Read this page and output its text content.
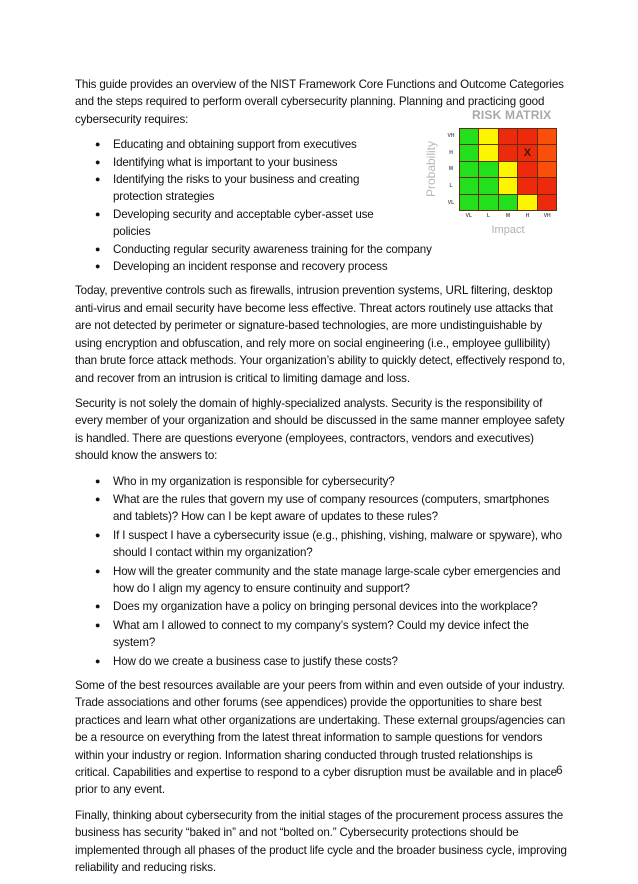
This guide provides an overview of the NIST Framework Core Functions and Outcome Categories and the steps required to perform overall cybersecurity planning. Planning and practicing good cybersecurity requires:

● Educating and obtaining support from executives
● Identifying what is important to your business
● Identifying the risks to your business and creating protection strategies
● Developing security and acceptable cyber-asset use policies
● Conducting regular security awareness training for the company
● Developing an incident response and recovery process

Today, preventive controls such as firewalls, intrusion prevention systems, URL filtering, desktop anti-virus and email security have become less effective. Threat actors routinely use attacks that are not detected by perimeter or signature-based technologies, are more undistinguishable by using encryption and obfuscation, and rely more on social engineering (i.e., employee gullibility) than brute force attack methods. Your organization’s ability to quickly detect, effectively respond to, and recover from an intrusion is critical to limiting damage and loss.

Security is not solely the domain of highly-specialized analysts. Security is the responsibility of every member of your organization and should be discussed in the same manner employee safety is handled. There are questions everyone (employees, contractors, vendors and executives) should know the answers to:

● Who in my organization is responsible for cybersecurity?
● What are the rules that govern my use of company resources (computers, smartphones and tablets)? How can I be kept aware of updates to these rules?
● If I suspect I have a cybersecurity issue (e.g., phishing, vishing, malware or spyware), who should I contact within my organization?
● How will the greater community and the state manage large-scale cyber emergencies and how do I align my agency to ensure continuity and support?
● Does my organization have a policy on bringing personal devices into the workplace?
● What am I allowed to connect to my company’s system? Could my device infect the system?
● How do we create a business case to justify these costs?

Some of the best resources available are your peers from within and even outside of your industry. Trade associations and other forums (see appendices) provide the opportunities to share best practices and learn what other organizations are undertaking. These external groups/agencies can be a resource on everything from the latest threat information to sample questions for vendors within your industry or region. Information sharing conducted through trusted relationships is critical. Capabilities and expertise to respond to a cyber disruption must be available and in place prior to any event.

Finally, thinking about cybersecurity from the initial stages of the procurement process assures the business has security “baked in” and not “bolted on.” Cybersecurity protections should be implemented through all phases of the product life cycle and the broader business cycle, improving reliability and reducing risks.

RISK MATRIX
Probability
VH
H
M
L
VL
X
VL	L	M	H	VH
Impact
6
